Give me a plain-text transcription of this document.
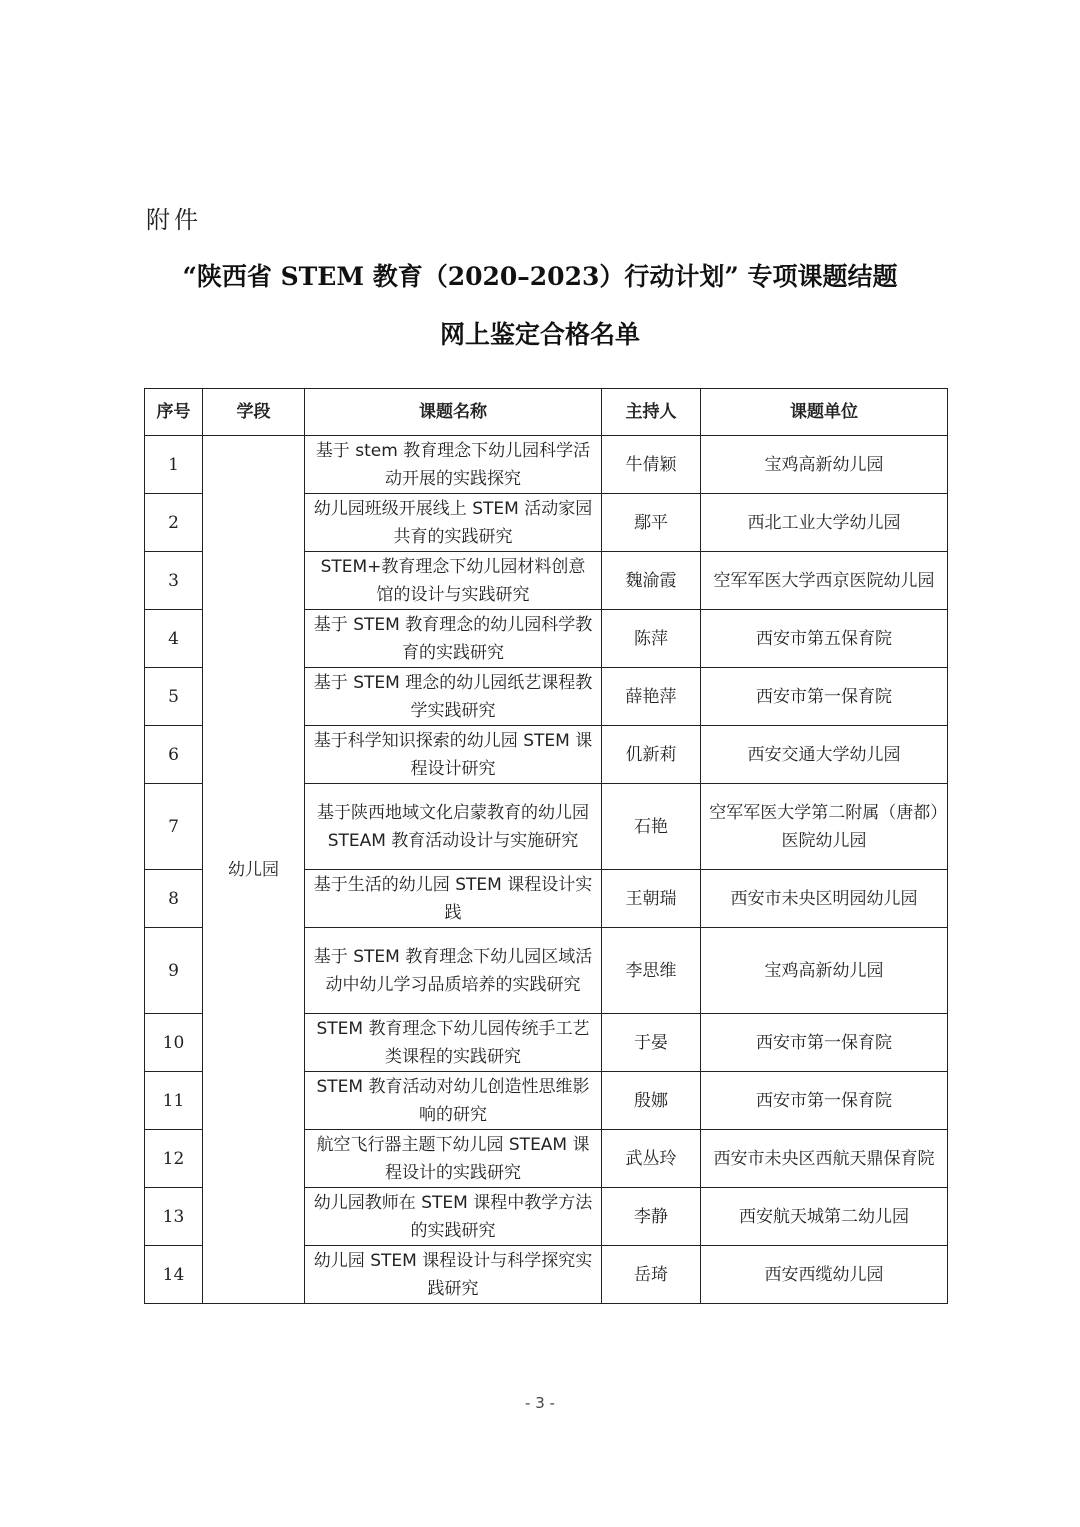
附件
“陕西省 STEM 教育（2020–2023）行动计划” 专项课题结题
网上鉴定合格名单
序号	学段	课题名称	主持人	课题单位
1	幼儿园	基于 stem 教育理念下幼儿园科学活动开展的实践探究	牛倩颖	宝鸡高新幼儿园
2		幼儿园班级开展线上 STEM 活动家园共育的实践研究	鄢平	西北工业大学幼儿园
3		STEM+教育理念下幼儿园材料创意馆的设计与实践研究	魏渝霞	空军军医大学西京医院幼儿园
4		基于 STEM 教育理念的幼儿园科学教育的实践研究	陈萍	西安市第五保育院
5		基于 STEM 理念的幼儿园纸艺课程教学实践研究	薛艳萍	西安市第一保育院
6		基于科学知识探索的幼儿园 STEM 课程设计研究	仉新莉	西安交通大学幼儿园
7		基于陕西地域文化启蒙教育的幼儿园 STEAM 教育活动设计与实施研究	石艳	空军军医大学第二附属（唐都）医院幼儿园
8		基于生活的幼儿园 STEM 课程设计实践	王朝瑞	西安市未央区明园幼儿园
9		基于 STEM 教育理念下幼儿园区域活动中幼儿学习品质培养的实践研究	李思维	宝鸡高新幼儿园
10		STEM 教育理念下幼儿园传统手工艺类课程的实践研究	于晏	西安市第一保育院
11		STEM 教育活动对幼儿创造性思维影响的研究	殷娜	西安市第一保育院
12		航空飞行器主题下幼儿园 STEAM 课程设计的实践研究	武丛玲	西安市未央区西航天鼎保育院
13		幼儿园教师在 STEM 课程中教学方法的实践研究	李静	西安航天城第二幼儿园
14		幼儿园 STEM 课程设计与科学探究实践研究	岳琦	西安西缆幼儿园
- 3 -
